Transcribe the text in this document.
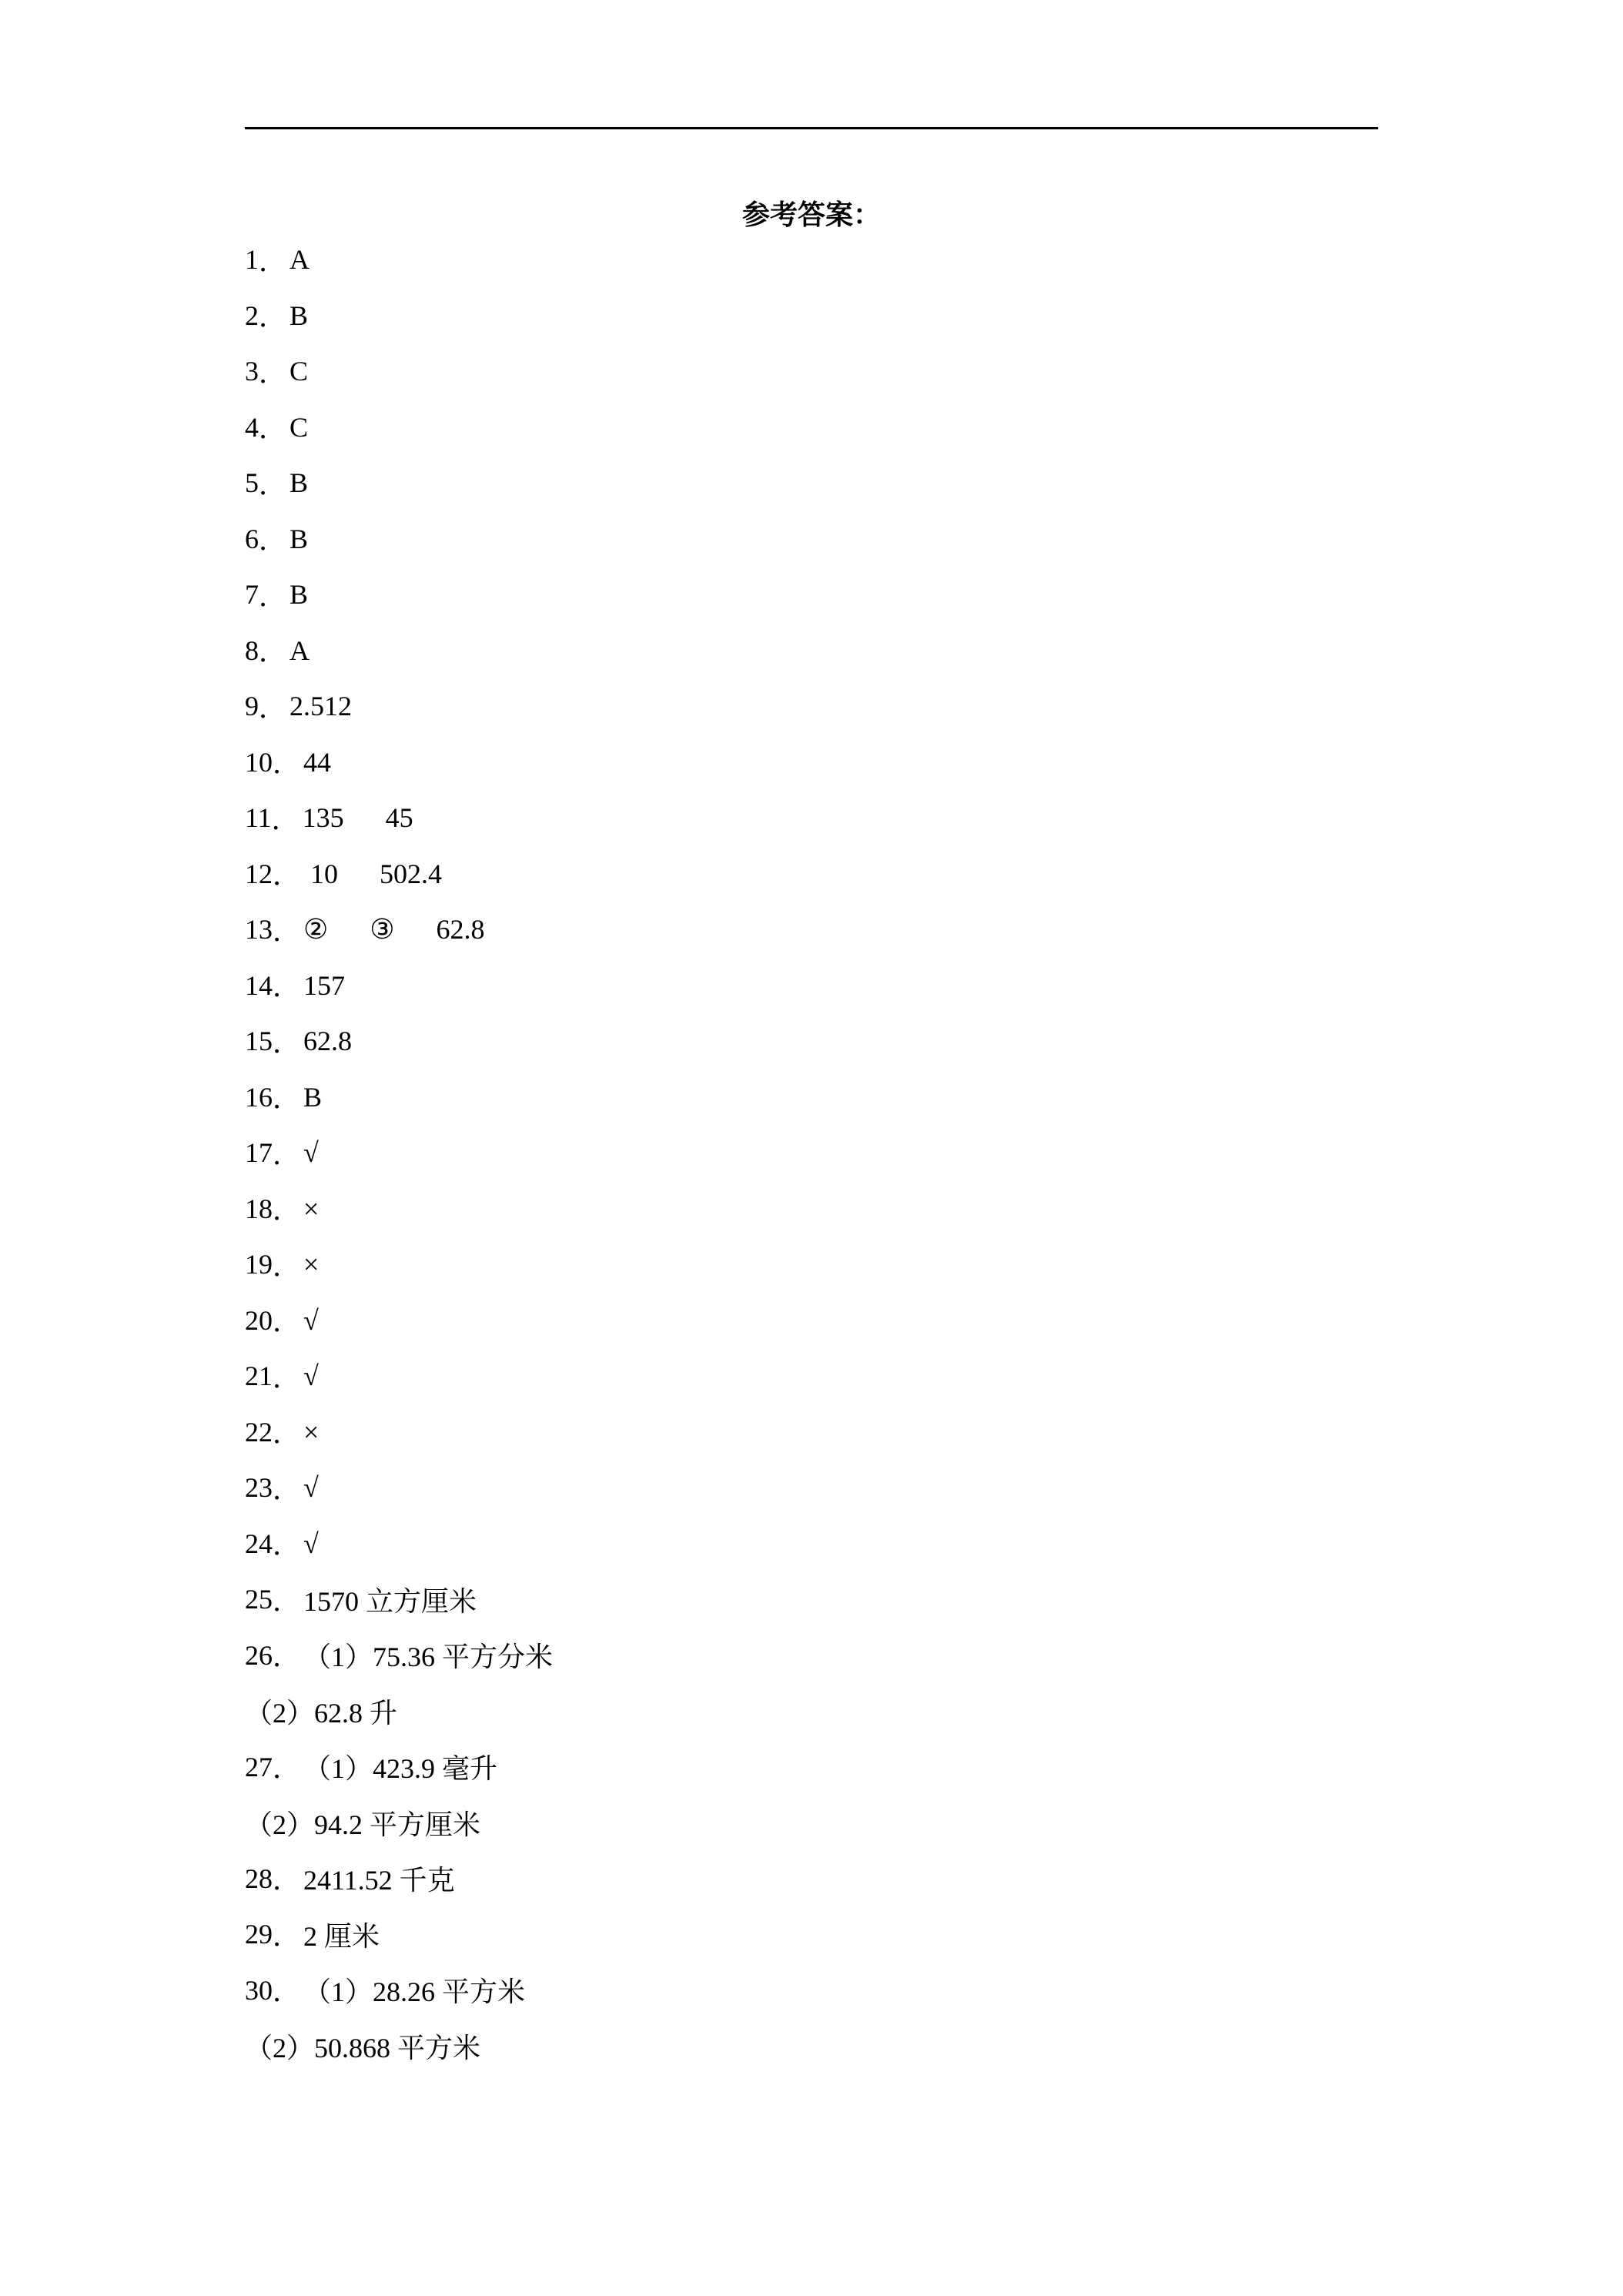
参考答案：
1 ． A
2 ． B
3 ． C
4 ． C
5 ． B
6 ． B
7 ． B
8 ． A
9 ． 2.512
10 ． 44
11 ． 135      45
12 ． 10      502.4
13 ． ②      ③      62.8
14 ． 157
15 ． 62.8
16 ． B
17 ． √
18 ． ×
19 ． ×
20 ． √
21 ． √
22 ． ×
23 ． √
24 ． √
25 ． 1570 立方厘米
26 ． （1）75.36 平方分米
（2）62.8 升
27 ． （1）423.9 毫升
（2）94.2 平方厘米
28 ． 2411.52 千克
29 ． 2 厘米
30 ． （1）28.26 平方米
（2）50.868 平方米
